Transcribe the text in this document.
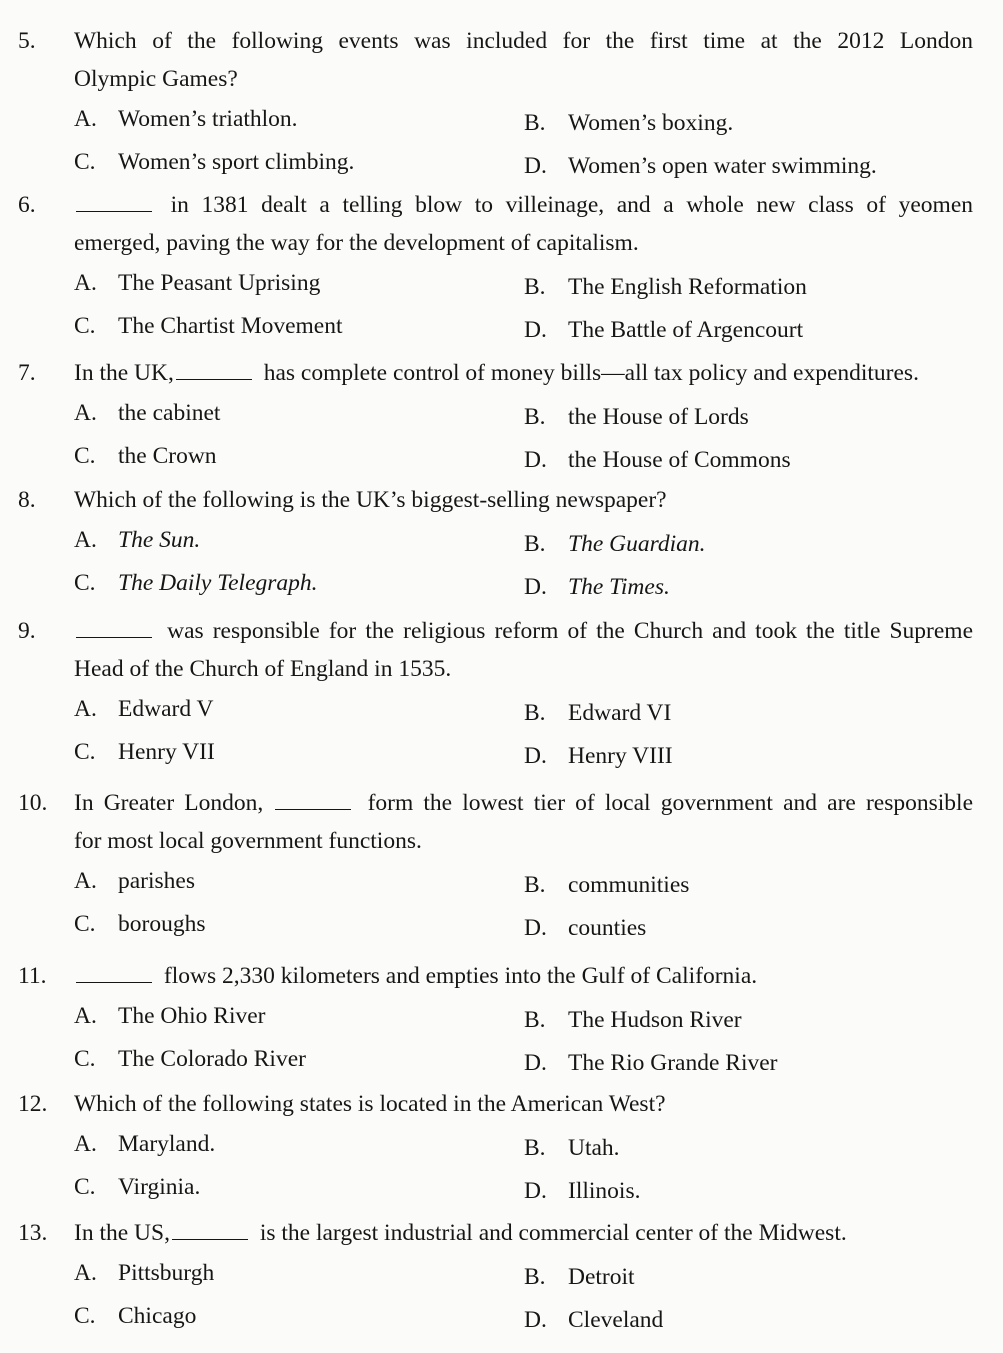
5.	Which of the following events was included for the first time at the 2012 London
Olympic Games?
A. Women’s triathlon.	B. Women’s boxing.
C. Women’s sport climbing.	D. Women’s open water swimming.
6.	in 1381 dealt a telling blow to villeinage, and a whole new class of yeomen
emerged, paving the way for the development of capitalism.
A. The Peasant Uprising	B. The English Reformation
C. The Chartist Movement	D. The Battle of Argencourt
7.	In the UK,	has complete control of money bills—all tax policy and expenditures.
A. the cabinet	B. the House of Lords
C. the Crown	D. the House of Commons
8.	Which of the following is the UK’s biggest-selling newspaper?
A. The Sun.	B. The Guardian.
C. The Daily Telegraph.	D. The Times.
9.	was responsible for the religious reform of the Church and took the title Supreme
Head of the Church of England in 1535.
A. Edward V	B. Edward VI
C. Henry VII	D. Henry VIII
10.	In Greater London,	form the lowest tier of local government and are responsible
for most local government functions.
A. parishes	B. communities
C. boroughs	D. counties
11.	flows 2,330 kilometers and empties into the Gulf of California.
A. The Ohio River	B. The Hudson River
C. The Colorado River	D. The Rio Grande River
12.	Which of the following states is located in the American West?
A. Maryland.	B. Utah.
C. Virginia.	D. Illinois.
13.	In the US,	is the largest industrial and commercial center of the Midwest.
A. Pittsburgh	B. Detroit
C. Chicago	D. Cleveland
